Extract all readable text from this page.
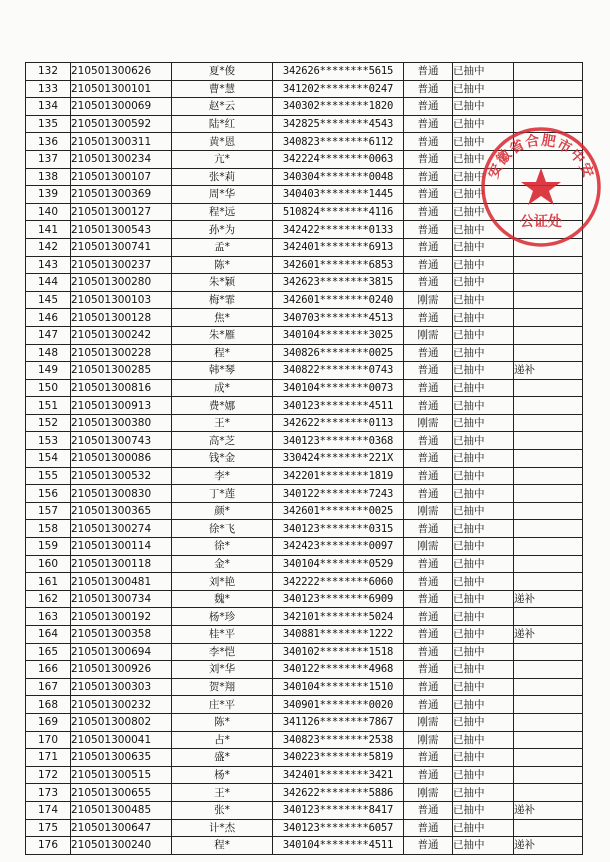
132	210501300626	夏*俊	342626********5615	普通	已抽中	
133	210501300101	曹*慧	341202********0247	普通	已抽中	
134	210501300069	赵*云	340302********1820	普通	已抽中	
135	210501300592	陆*红	342825********4543	普通	已抽中	
136	210501300311	黄*恩	340823********6112	普通	已抽中	
137	210501300234	亢*	342224********0063	普通	已抽中	
138	210501300107	张*莉	340304********0048	普通	已抽中	
139	210501300369	周*华	340403********1445	普通	已抽中	
140	210501300127	程*远	510824********4116	普通	已抽中	
141	210501300543	孙*为	342422********0133	普通	已抽中	
142	210501300741	孟*	342401********6913	普通	已抽中	
143	210501300237	陈*	342601********6853	普通	已抽中	
144	210501300280	朱*颖	342623********3815	普通	已抽中	
145	210501300103	梅*霏	342601********0240	刚需	已抽中	
146	210501300128	焦*	340703********4513	普通	已抽中	
147	210501300242	朱*雁	340104********3025	刚需	已抽中	
148	210501300228	程*	340826********0025	普通	已抽中	
149	210501300285	韩*琴	340822********0743	普通	已抽中	递补
150	210501300816	成*	340104********0073	普通	已抽中	
151	210501300913	费*娜	340123********4511	普通	已抽中	
152	210501300380	王*	342622********0113	刚需	已抽中	
153	210501300743	高*芝	340123********0368	普通	已抽中	
154	210501300086	钱*金	330424********221X	普通	已抽中	
155	210501300532	李*	342201********1819	普通	已抽中	
156	210501300830	丁*莲	340122********7243	普通	已抽中	
157	210501300365	颜*	342601********0025	刚需	已抽中	
158	210501300274	徐*飞	340123********0315	普通	已抽中	
159	210501300114	徐*	342423********0097	刚需	已抽中	
160	210501300118	金*	340104********0529	普通	已抽中	
161	210501300481	刘*艳	342222********6060	普通	已抽中	
162	210501300734	魏*	340123********6909	普通	已抽中	递补
163	210501300192	杨*珍	342101********5024	普通	已抽中	
164	210501300358	桂*平	340881********1222	普通	已抽中	递补
165	210501300694	李*恺	340102********1518	普通	已抽中	
166	210501300926	刘*华	340122********4968	普通	已抽中	
167	210501300303	贺*翔	340104********1510	普通	已抽中	
168	210501300232	庄*平	340901********0020	普通	已抽中	
169	210501300802	陈*	341126********7867	刚需	已抽中	
170	210501300041	占*	340823********2538	刚需	已抽中	
171	210501300635	盛*	340223********5819	普通	已抽中	
172	210501300515	杨*	342401********3421	普通	已抽中	
173	210501300655	王*	342622********5886	刚需	已抽中	
174	210501300485	张*	340123********8417	普通	已抽中	递补
175	210501300647	计*杰	340123********6057	普通	已抽中	
176	210501300240	程*	340104********4511	普通	已抽中	递补
安徽省合肥市中安
公证处
